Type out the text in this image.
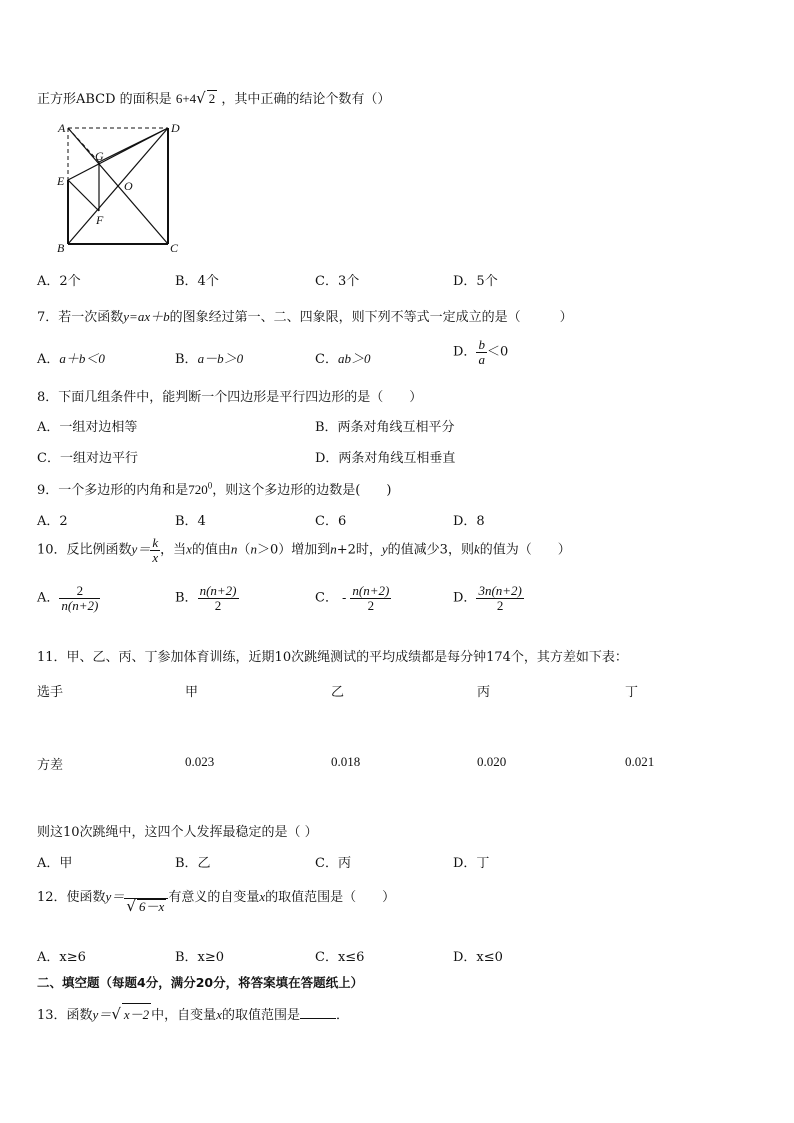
正方形ABCD 的面积是 6+4√ 2 ，其中正确的结论个数有（）
A	D
G
E	O
F
B	C
A．2个	B．4个	C．3个	D．5个
7．若一次函数y=ax＋b的图象经过第一、二、四象限，则下列不等式一定成立的是（　　　）
A．a＋b＜0	B．a－b＞0	C．ab＞0	D． $\frac{b}{a} <0$
8．下面几组条件中，能判断一个四边形是平行四边形的是（　　）
A．一组对边相等	B．两条对角线互相平分
C．一组对边平行	D．两条对角线互相垂直
9．一个多边形的内角和是$720^0$，则这个多边形的边数是(　　)
A．2	B．4	C．6	D．8
10．反比例函数$y= \frac{k}{x}$ ，当x的值由n（n＞0）增加到n+2时，y的值减少3，则k的值为（　　）
A． $\frac{2}{n(n+2)}$	B． $\frac{n(n+2)}{2}$	C． - $\frac{n(n+2)}{2}$	D． $\frac{3n(n+2)}{2}$
11．甲、乙、丙、丁参加体育训练，近期10次跳绳测试的平均成绩都是每分钟174个，其方差如下表：
选手	甲	乙	丙	丁
方差	0.023	0.018	0.020	0.021
则这10次跳绳中，这四个人发挥最稳定的是（ ）
A．甲	B．乙	C．丙	D．丁
12．使函数y＝
√ 6－x
有意义的自变量x的取值范围是（　　）
A．x≥6	B．x≥0	C．x≤6	D．x≤0
二、填空题（每题4分，满分20分，将答案填在答题纸上）
13．函数y＝√ x－2 中，自变量x的取值范围是	．
